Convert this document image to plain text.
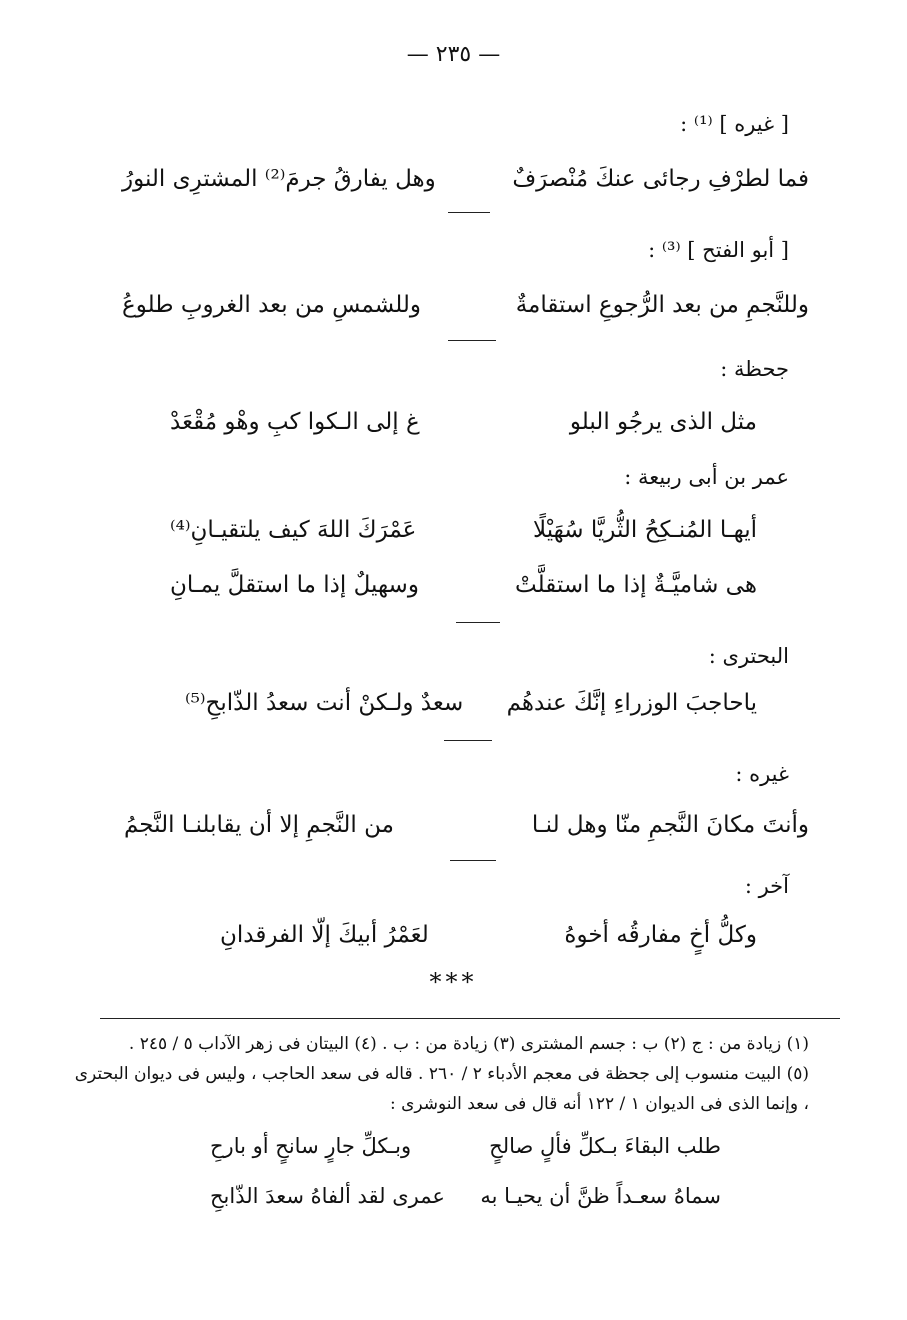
— ٢٣٥ —
[ غيره ] ⁽¹⁾ :
فما لطرْفِ رجائى عنكَ مُنْصرَفٌ
وهل يفارقُ جرمَ⁽²⁾ المشترِى النورُ
[ أبو الفتح ] ⁽³⁾ :
وللنَّجمِ من بعد الرُّجوعِ استقامةٌ
وللشمسِ من بعد الغروبِ طلوعُ
جحظة :
مثل الذى يرجُو البلو
غ إلى الـكوا كبِ وهْو مُقْعَدْ
عمر بن أبى ربيعة :
أيهـا المُنـكِحُ الثُّريَّا سُهَيْلًا
عَمْرَكَ اللهَ كيف يلتقيـانِ⁽⁴⁾
هى شاميَّـةٌ إذا ما استقلَّتْ
وسهيلٌ إذا ما استقلَّ يمـانِ
البحترى :
ياحاجبَ الوزراءِ إنَّكَ عندهُم
سعدٌ ولـكنْ أنت سعدُ الذّابحِ⁽⁵⁾
غيره :
وأنتَ مكانَ النَّجمِ منّا وهل لنـا
من النَّجمِ إلا أن يقابلنـا النَّجمُ
آخر :
وكلُّ أخٍ مفارقُه أخوهُ
لعَمْرُ أبيكَ إلّا الفرقدانِ
***
(١) زيادة من : ج (٢) ب : جسم المشترى (٣) زيادة من : ب . (٤) البيتان فى زهر الآداب ٥ / ٢٤٥ .
(٥) البيت منسوب إلى جحظة فى معجم الأدباء ٢ / ٢٦٠ . قاله فى سعد الحاجب ، وليس فى ديوان البحترى
، وإنما الذى فى الديوان ١ / ١٢٢ أنه قال فى سعد النوشرى :
طلب البقاءَ بـكلِّ فألٍ صالحٍ
وبـكلِّ جارٍ سانحٍ أو بارحِ
سماهُ سعـداً ظنَّ أن يحيـا به
عمرى لقد ألفاهُ سعدَ الذّابحِ
